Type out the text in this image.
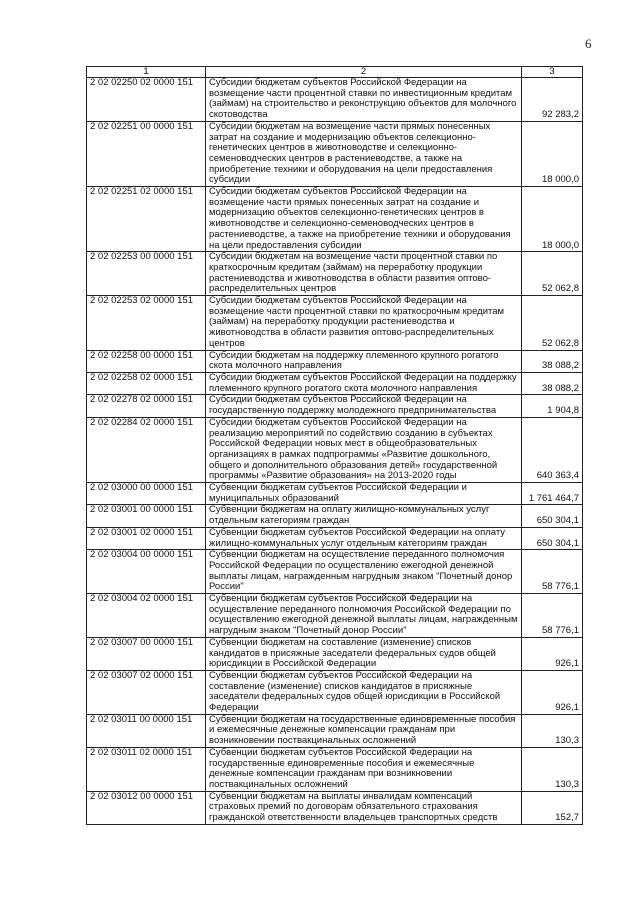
6
1	2	3
2 02 02250 02 0000 151	Субсидии бюджетам субъектов Российской Федерации на возмещение части процентной ставки по инвестиционным кредитам (займам) на строительство и реконструкцию объектов для молочного скотоводства	92 283,2
2 02 02251 00 0000 151	Субсидии бюджетам на возмещение части прямых понесенных затрат на создание и модернизацию объектов селекционно-генетических центров в животноводстве и селекционно-семеноводческих центров в растениеводстве, а также на приобретение техники и оборудования на цели предоставления субсидии	18 000,0
2 02 02251 02 0000 151	Субсидии бюджетам субъектов Российской Федерации на возмещение части прямых понесенных затрат на создание и модернизацию объектов селекционно-генетических центров в животноводстве и селекционно-семеноводческих центров в растениеводстве, а также на приобретение техники и оборудования на цели предоставления субсидии	18 000,0
2 02 02253 00 0000 151	Субсидии бюджетам на возмещение части процентной ставки по краткосрочным кредитам (займам) на переработку продукции растениеводства и животноводства в области развития оптово-распределительных центров	52 062,8
2 02 02253 02 0000 151	Субсидии бюджетам субъектов Российской Федерации на возмещение части процентной ставки по краткосрочным кредитам (займам) на переработку продукции растениеводства и животноводства в области развития оптово-распределительных центров	52 062,8
2 02 02258 00 0000 151	Субсидии бюджетам на поддержку племенного крупного рогатого скота молочного направления	38 088,2
2 02 02258 02 0000 151	Субсидии бюджетам субъектов Российской Федерации на поддержку племенного крупного рогатого скота молочного направления	38 088,2
2 02 02278 02 0000 151	Субсидии бюджетам субъектов Российской Федерации на государственную поддержку молодежного предпринимательства	1 904,8
2 02 02284 02 0000 151	Субсидии бюджетам субъектов Российской Федерации на реализацию мероприятий по содействию созданию в субъектах Российской Федерации новых мест в общеобразовательных организациях в рамках подпрограммы «Развитие дошкольного, общего и дополнительного образования детей» государственной программы «Развитие образования» на 2013-2020 годы	640 363,4
2 02 03000 00 0000 151	Субвенции бюджетам субъектов Российской Федерации и муниципальных образований	1 761 464,7
2 02 03001 00 0000 151	Субвенции бюджетам на оплату жилищно-коммунальных услуг отдельным категориям граждан	650 304,1
2 02 03001 02 0000 151	Субвенции бюджетам субъектов Российской Федерации на оплату жилищно-коммунальных услуг отдельным категориям граждан	650 304,1
2 02 03004 00 0000 151	Субвенции бюджетам на осуществление переданного полномочия Российской Федерации по осуществлению ежегодной денежной выплаты лицам, награжденным нагрудным знаком "Почетный донор России"	58 776,1
2 02 03004 02 0000 151	Субвенции бюджетам субъектов Российской Федерации на осуществление переданного полномочия Российской Федерации по осуществлению ежегодной денежной выплаты лицам, награжденным нагрудным знаком "Почетный донор России"	58 776,1
2 02 03007 00 0000 151	Субвенции бюджетам на составление (изменение) списков кандидатов в присяжные заседатели федеральных судов общей юрисдикции в Российской Федерации	926,1
2 02 03007 02 0000 151	Субвенции бюджетам субъектов Российской Федерации на составление (изменение) списков кандидатов в присяжные заседатели федеральных судов общей юрисдикции в Российской Федерации	926,1
2 02 03011 00 0000 151	Субвенции бюджетам на государственные единовременные пособия и ежемесячные денежные компенсации гражданам при возникновении поствакцинальных осложнений	130,3
2 02 03011 02 0000 151	Субвенции бюджетам субъектов Российской Федерации на государственные единовременные пособия и ежемесячные денежные компенсации гражданам при возникновении поствакцинальных осложнений	130,3
2 02 03012 00 0000 151	Субвенции бюджетам на выплаты инвалидам компенсаций страховых премий по договорам обязательного страхования гражданской ответственности владельцев транспортных средств	152,7
